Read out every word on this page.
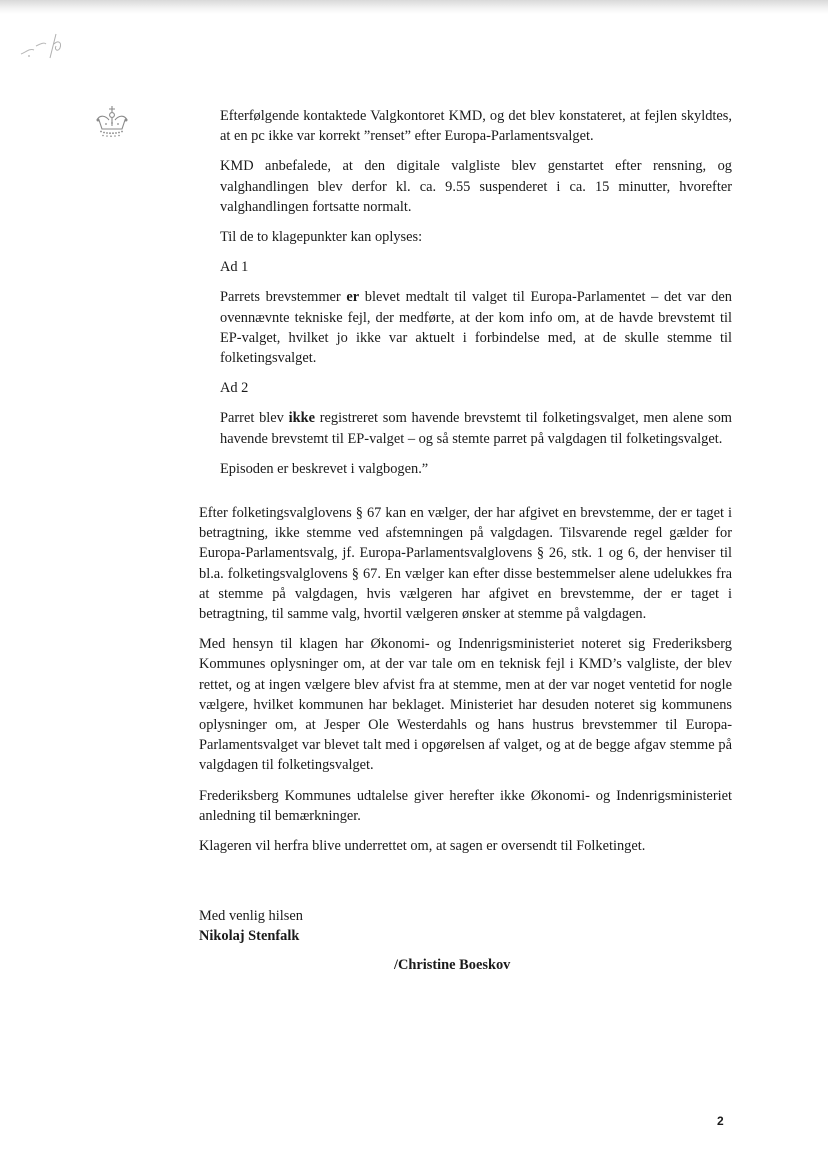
Efterfølgende kontaktede Valgkontoret KMD, og det blev konstateret, at fejlen skyldtes, at en pc ikke var korrekt ”renset” efter Europa-Parlamentsvalget.

KMD anbefalede, at den digitale valgliste blev genstartet efter rensning, og valghandlingen blev derfor kl. ca. 9.55 suspenderet i ca. 15 minutter, hvorefter valghandlingen fortsatte normalt.

Til de to klagepunkter kan oplyses:

Ad 1

Parrets brevstemmer er blevet medtalt til valget til Europa-Parlamentet – det var den ovennævnte tekniske fejl, der medførte, at der kom info om, at de havde brevstemt til EP-valget, hvilket jo ikke var aktuelt i forbindelse med, at de skulle stemme til folketingsvalget.

Ad 2

Parret blev ikke registreret som havende brevstemt til folketingsvalget, men alene som havende brevstemt til EP-valget – og så stemte parret på valgdagen til folketingsvalget.

Episoden er beskrevet i valgbogen.”

Efter folketingsvalglovens § 67 kan en vælger, der har afgivet en brevstemme, der er taget i betragtning, ikke stemme ved afstemningen på valgdagen. Tilsvarende regel gælder for Europa-Parlamentsvalg, jf. Europa-Parlamentsvalglovens § 26, stk. 1 og 6, der henviser til bl.a. folketingsvalglovens § 67. En vælger kan efter disse bestemmelser alene udelukkes fra at stemme på valgdagen, hvis vælgeren har afgivet en brevstemme, der er taget i betragtning, til samme valg, hvortil vælgeren ønsker at stemme på valgdagen.

Med hensyn til klagen har Økonomi- og Indenrigsministeriet noteret sig Frederiksberg Kommunes oplysninger om, at der var tale om en teknisk fejl i KMD’s valgliste, der blev rettet, og at ingen vælgere blev afvist fra at stemme, men at der var noget ventetid for nogle vælgere, hvilket kommunen har beklaget. Ministeriet har desuden noteret sig kommunens oplysninger om, at Jesper Ole Westerdahls og hans hustrus brevstemmer til Europa-Parlamentsvalget var blevet talt med i opgørelsen af valget, og at de begge afgav stemme på valgdagen til folketingsvalget.

Frederiksberg Kommunes udtalelse giver herefter ikke Økonomi- og Indenrigsministeriet anledning til bemærkninger.

Klageren vil herfra blive underrettet om, at sagen er oversendt til Folketinget.

Med venlig hilsen
Nikolaj Stenfalk
/Christine Boeskov
2
